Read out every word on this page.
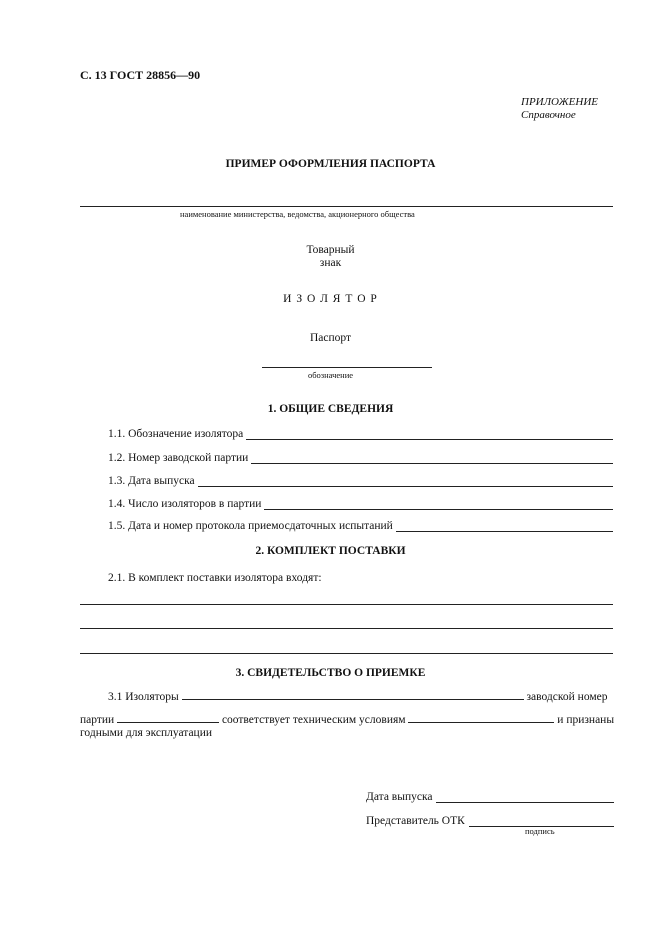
С. 13 ГОСТ 28856—90
ПРИЛОЖЕНИЕ
Справочное
ПРИМЕР ОФОРМЛЕНИЯ ПАСПОРТА
наименование министерства, ведомства, акционерного общества
Товарный
знак
И З О Л Я Т О Р
Паспорт
обозначение
1. ОБЩИЕ СВЕДЕНИЯ
1.1. Обозначение изолятора
1.2. Номер заводской партии
1.3. Дата выпуска
1.4. Число изоляторов в партии
1.5. Дата и номер протокола приемосдаточных испытаний
2. КОМПЛЕКТ ПОСТАВКИ
2.1. В комплект поставки изолятора входят:
3. СВИДЕТЕЛЬСТВО О ПРИЕМКЕ
3.1 Изоляторы	заводской номер
партии	соответствует техническим условиям	и признаны
годными для эксплуатации
Дата выпуска
Представитель ОТК
подпись
